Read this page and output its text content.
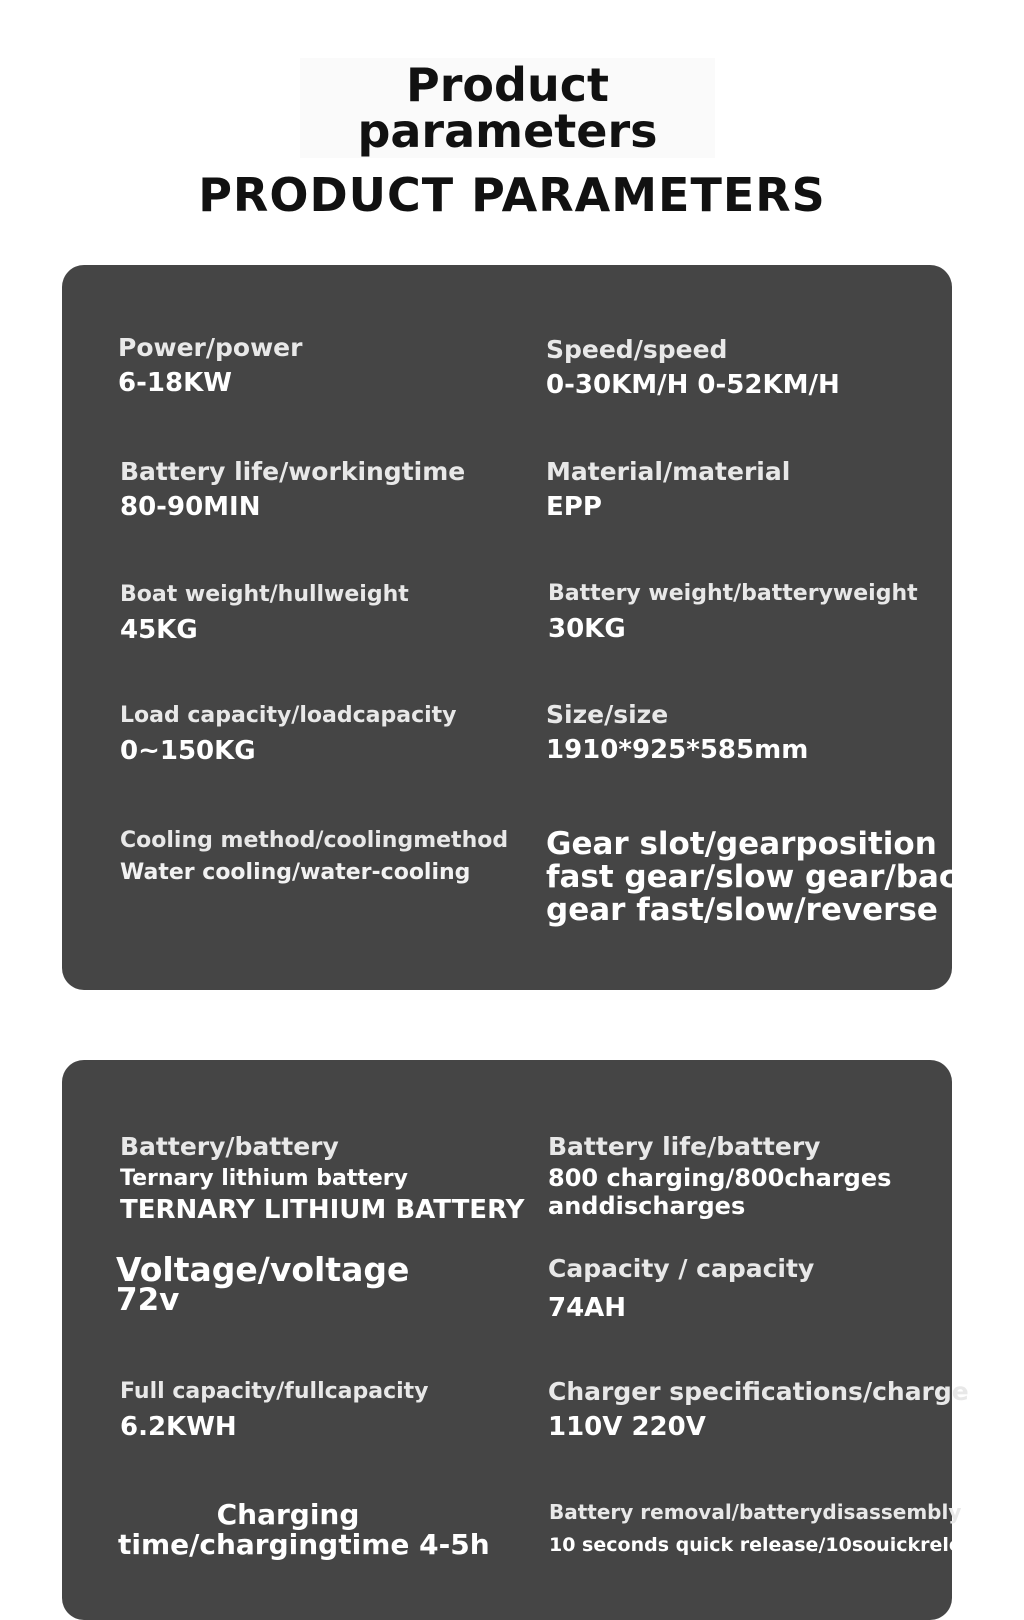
Product
parameters
PRODUCT PARAMETERS
Power/power
6-18KW
Speed/speed
0-30KM/H 0-52KM/H
Battery life/workingtime
80-90MIN
Material/material
EPP
Boat weight/hullweight
45KG
Battery weight/batteryweight
30KG
Load capacity/loadcapacity
0~150KG
Size/size
1910*925*585mm
Cooling method/coolingmethod
Water cooling/water-cooling
Gear slot/gearposition
fast gear/slow gear/back
gear fast/slow/reverse
Battery/battery
Ternary lithium battery
TERNARY LITHIUM BATTERY
Battery life/battery
800 charging/800charges
anddischarges
Voltage/voltage
72v
Capacity / capacity
74AH
Full capacity/fullcapacity
6.2KWH
Charger specifications/charge
110V 220V
Charging
time/chargingtime 4-5h
Battery removal/batterydisassembly
10 seconds quick release/10souickrelease
